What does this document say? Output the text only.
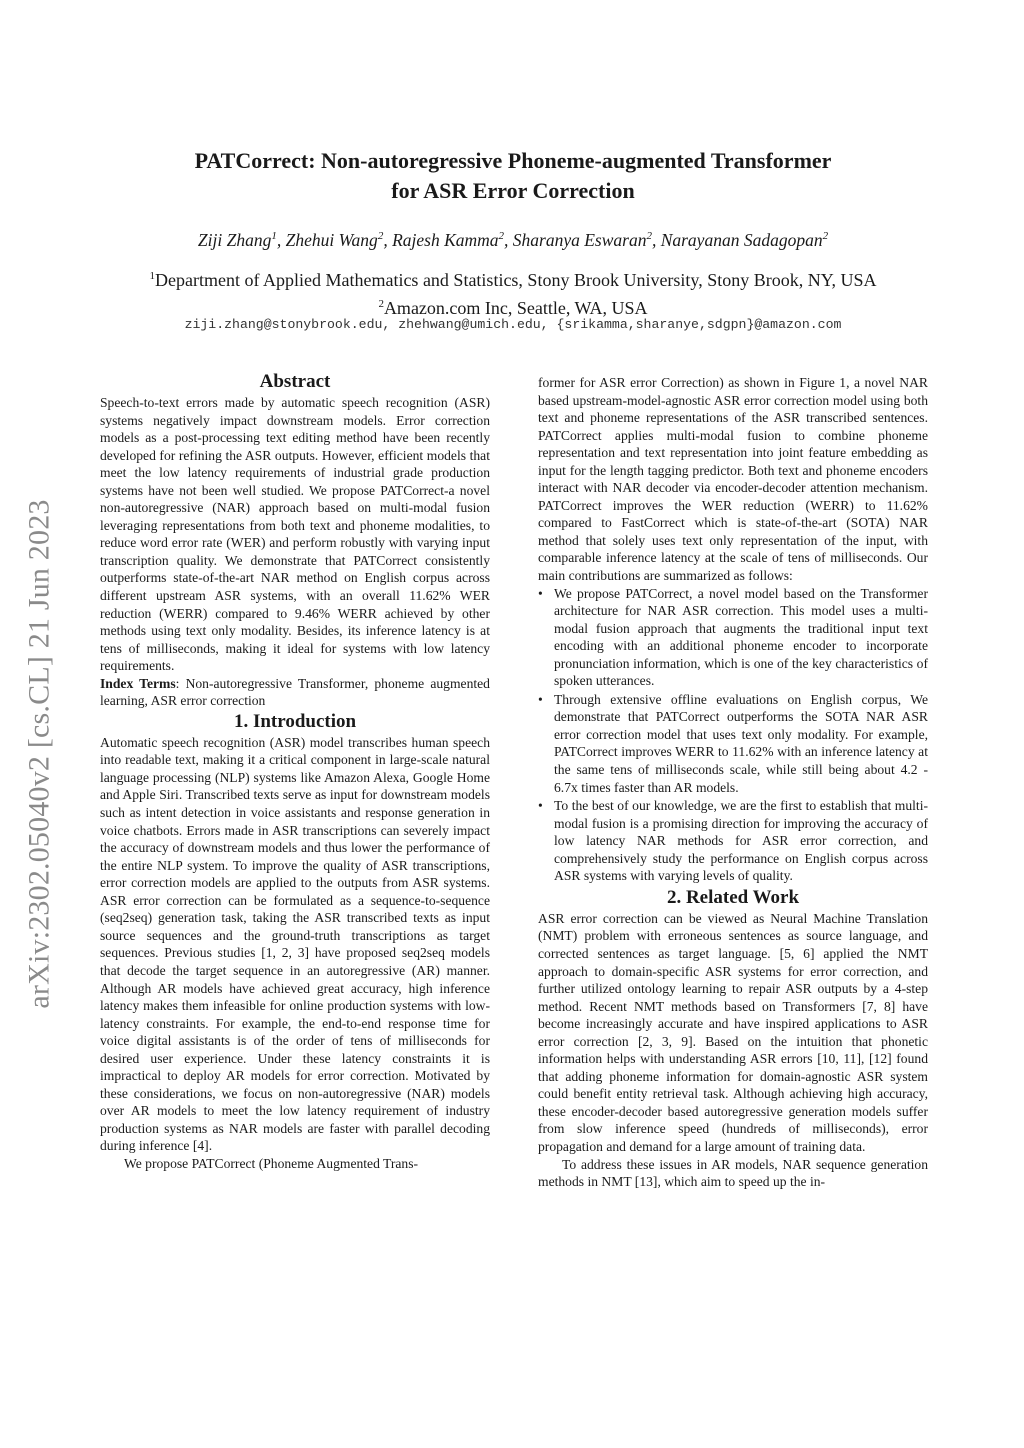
arXiv:2302.05040v2 [cs.CL] 21 Jun 2023
PATCorrect: Non-autoregressive Phoneme-augmented Transformer
for ASR Error Correction
Ziji Zhang$^1$, Zhehui Wang$^2$, Rajesh Kamma$^2$, Sharanya Eswaran$^2$, Narayanan Sadagopan$^2$
$^1$Department of Applied Mathematics and Statistics, Stony Brook University, Stony Brook, NY, USA
$^2$Amazon.com Inc, Seattle, WA, USA
ziji.zhang@stonybrook.edu, zhehwang@umich.edu, {srikamma,sharanye,sdgpn}@amazon.com
Abstract

Speech-to-text errors made by automatic speech recognition (ASR) systems negatively impact downstream models. Error correction models as a post-processing text editing method have been recently developed for refining the ASR outputs. However, efficient models that meet the low latency requirements of industrial grade production systems have not been well studied. We propose PATCorrect-a novel non-autoregressive (NAR) approach based on multi-modal fusion leveraging representations from both text and phoneme modalities, to reduce word error rate (WER) and perform robustly with varying input transcription quality. We demonstrate that PATCorrect consistently outperforms state-of-the-art NAR method on English corpus across different upstream ASR systems, with an overall 11.62% WER reduction (WERR) compared to 9.46% WERR achieved by other methods using text only modality. Besides, its inference latency is at tens of milliseconds, making it ideal for systems with low latency requirements.

Index Terms: Non-autoregressive Transformer, phoneme augmented learning, ASR error correction

1. Introduction

Automatic speech recognition (ASR) model transcribes human speech into readable text, making it a critical component in large-scale natural language processing (NLP) systems like Amazon Alexa, Google Home and Apple Siri. Transcribed texts serve as input for downstream models such as intent detection in voice assistants and response generation in voice chatbots. Errors made in ASR transcriptions can severely impact the accuracy of downstream models and thus lower the performance of the entire NLP system. To improve the quality of ASR transcriptions, error correction models are applied to the outputs from ASR systems. ASR error correction can be formulated as a sequence-to-sequence (seq2seq) generation task, taking the ASR transcribed texts as input source sequences and the ground-truth transcriptions as target sequences. Previous studies [1, 2, 3] have proposed seq2seq models that decode the target sequence in an autoregressive (AR) manner. Although AR models have achieved great accuracy, high inference latency makes them infeasible for online production systems with low-latency constraints. For example, the end-to-end response time for voice digital assistants is of the order of tens of milliseconds for desired user experience. Under these latency constraints it is impractical to deploy AR models for error correction. Motivated by these considerations, we focus on non-autoregressive (NAR) models over AR models to meet the low latency requirement of industry production systems as NAR models are faster with parallel decoding during inference [4].

We propose PATCorrect (Phoneme Augmented Trans-

former for ASR error Correction) as shown in Figure 1, a novel NAR based upstream-model-agnostic ASR error correction model using both text and phoneme representations of the ASR transcribed sentences. PATCorrect applies multi-modal fusion to combine phoneme representation and text representation into joint feature embedding as input for the length tagging predictor. Both text and phoneme encoders interact with NAR decoder via encoder-decoder attention mechanism. PATCorrect improves the WER reduction (WERR) to 11.62% compared to FastCorrect which is state-of-the-art (SOTA) NAR method that solely uses text only representation of the input, with comparable inference latency at the scale of tens of milliseconds. Our main contributions are summarized as follows:

• We propose PATCorrect, a novel model based on the Transformer architecture for NAR ASR correction. This model uses a multi-modal fusion approach that augments the traditional input text encoding with an additional phoneme encoder to incorporate pronunciation information, which is one of the key characteristics of spoken utterances.
• Through extensive offline evaluations on English corpus, We demonstrate that PATCorrect outperforms the SOTA NAR ASR error correction model that uses text only modality. For example, PATCorrect improves WERR to 11.62% with an inference latency at the same tens of milliseconds scale, while still being about 4.2 - 6.7x times faster than AR models.
• To the best of our knowledge, we are the first to establish that multi-modal fusion is a promising direction for improving the accuracy of low latency NAR methods for ASR error correction, and comprehensively study the performance on English corpus across ASR systems with varying levels of quality.
2. Related Work

ASR error correction can be viewed as Neural Machine Translation (NMT) problem with erroneous sentences as source language, and corrected sentences as target language. [5, 6] applied the NMT approach to domain-specific ASR systems for error correction, and further utilized ontology learning to repair ASR outputs by a 4-step method. Recent NMT methods based on Transformers [7, 8] have become increasingly accurate and have inspired applications to ASR error correction [2, 3, 9]. Based on the intuition that phonetic information helps with understanding ASR errors [10, 11], [12] found that adding phoneme information for domain-agnostic ASR system could benefit entity retrieval task. Although achieving high accuracy, these encoder-decoder based autoregressive generation models suffer from slow inference speed (hundreds of milliseconds), error propagation and demand for a large amount of training data.

To address these issues in AR models, NAR sequence generation methods in NMT [13], which aim to speed up the in-
